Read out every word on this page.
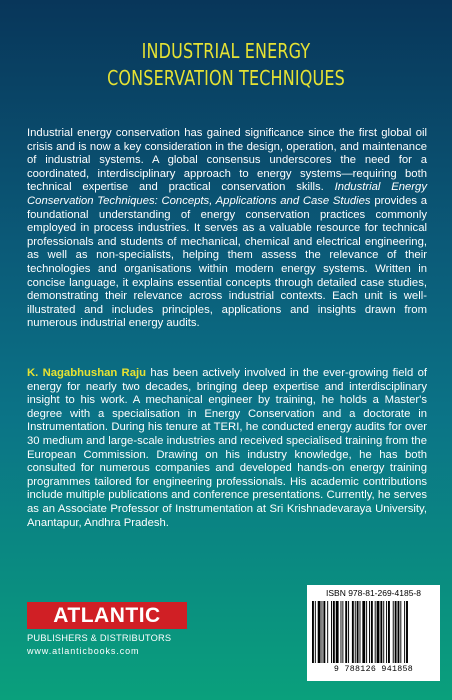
INDUSTRIAL ENERGY
CONSERVATION TECHNIQUES

Industrial energy conservation has gained significance since the first global oil crisis and is now a key consideration in the design, operation, and maintenance of industrial systems. A global consensus underscores the need for a coordinated, interdisciplinary approach to energy systems—requiring both technical expertise and practical conservation skills. Industrial Energy Conservation Techniques: Concepts, Applications and Case Studies provides a foundational understanding of energy conservation practices commonly employed in process industries. It serves as a valuable resource for technical professionals and students of mechanical, chemical and electrical engineering, as well as non-specialists, helping them assess the relevance of their technologies and organisations within modern energy systems. Written in concise language, it explains essential concepts through detailed case studies, demonstrating their relevance across industrial contexts. Each unit is well-illustrated and includes principles, applications and insights drawn from numerous industrial energy audits.

K. Nagabhushan Raju has been actively involved in the ever-growing field of energy for nearly two decades, bringing deep expertise and interdisciplinary insight to his work. A mechanical engineer by training, he holds a Master's degree with a specialisation in Energy Conservation and a doctorate in Instrumentation. During his tenure at TERI, he conducted energy audits for over 30 medium and large-scale industries and received specialised training from the European Commission. Drawing on his industry knowledge, he has both consulted for numerous companies and developed hands-on energy training programmes tailored for engineering professionals. His academic contributions include multiple publications and conference presentations. Currently, he serves as an Associate Professor of Instrumentation at Sri Krishnadevaraya University, Anantapur, Andhra Pradesh.

ISBN 978-81-269-4185-8
9 788126 941858
ATLANTIC
PUBLISHERS & DISTRIBUTORS
www.atlanticbooks.com
